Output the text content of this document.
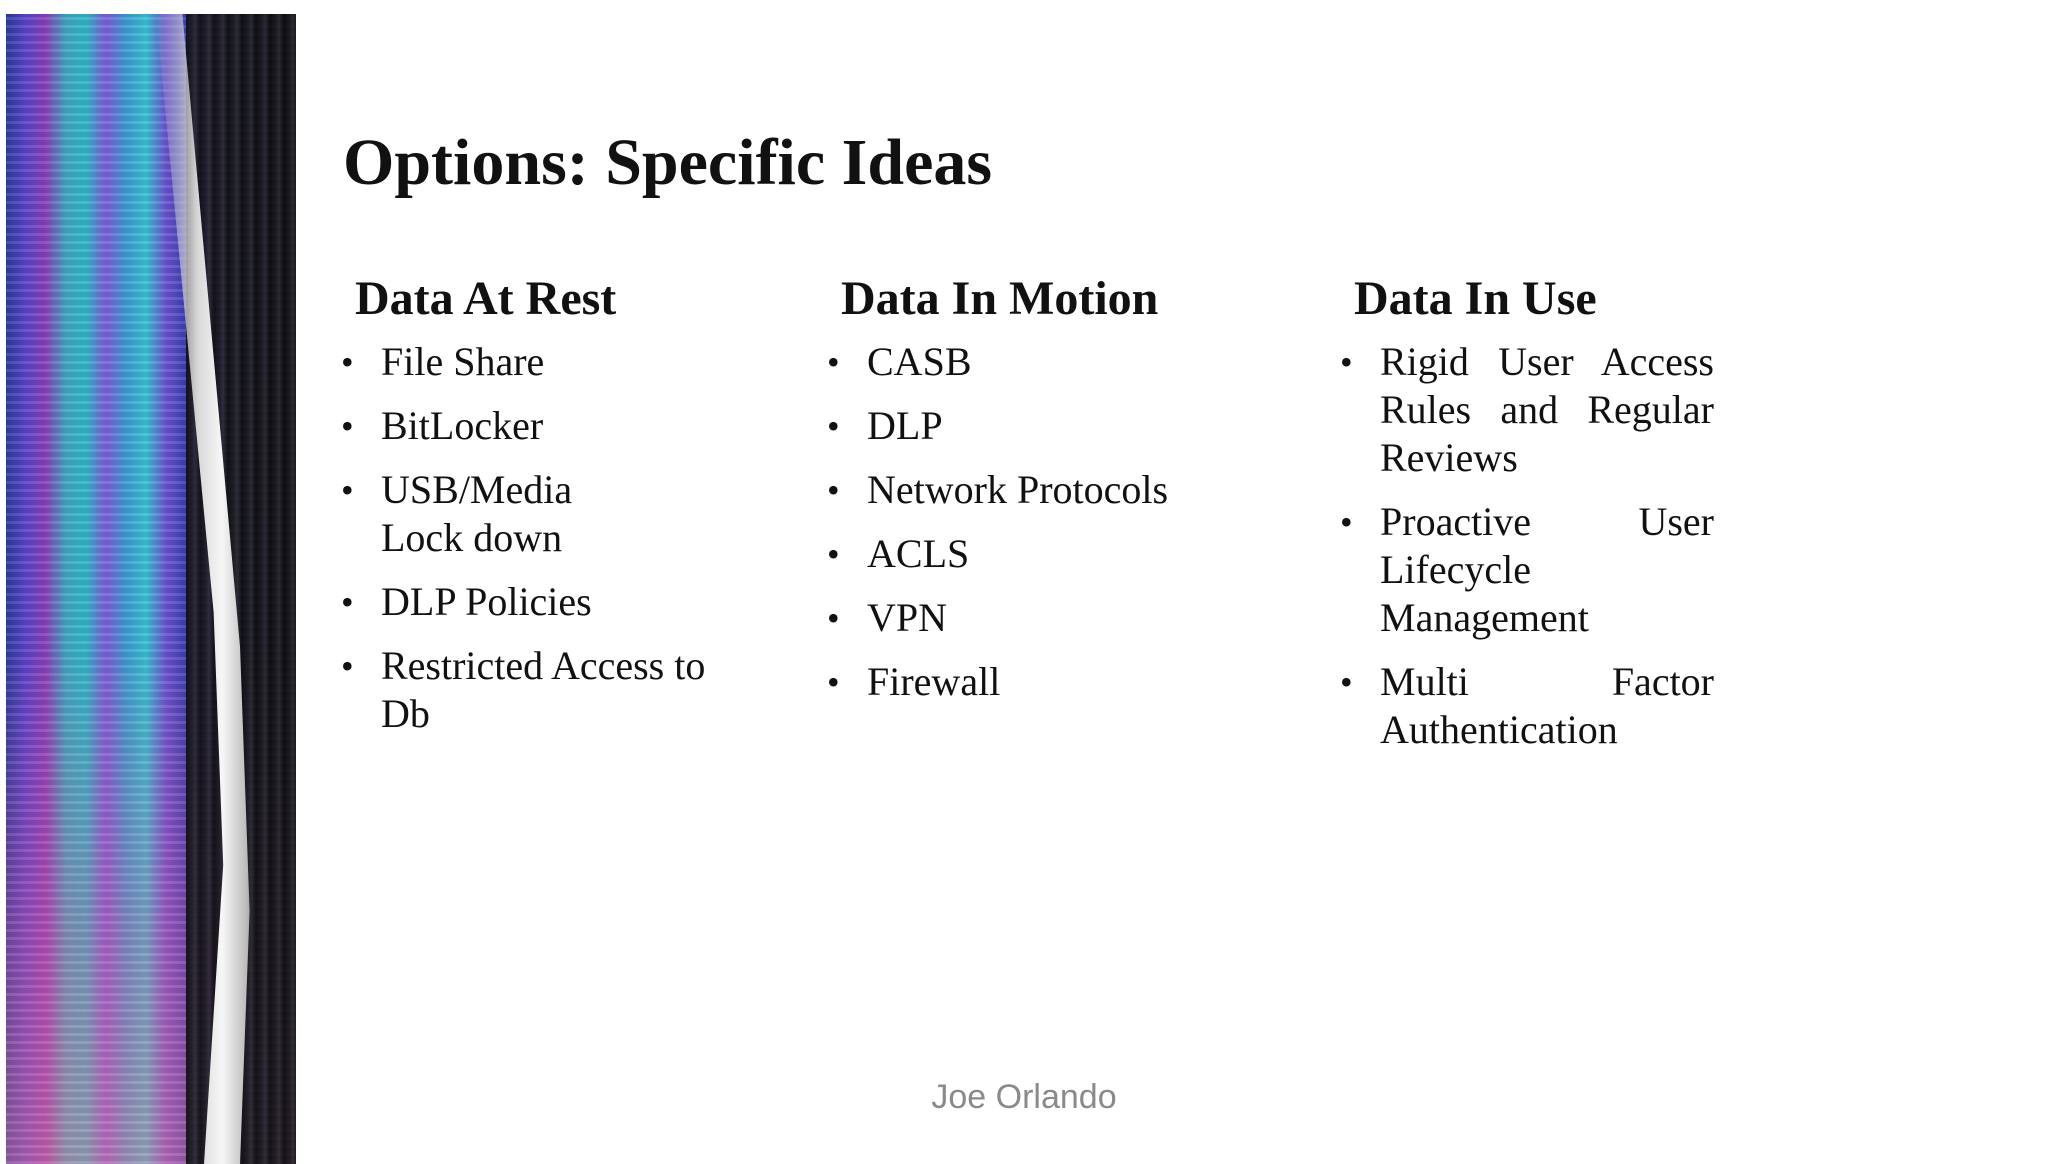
Options: Specific Ideas
Data At Rest
• File Share
• BitLocker
• USB/Media Lock down
• DLP Policies
• Restricted Access to Db
Data In Motion
• CASB
• DLP
• Network Protocols
• ACLS
• VPN
• Firewall
Data In Use
• Rigid User Access Rules and Regular Reviews
• Proactive User Lifecycle Management
• Multi Factor Authentication
Joe Orlando
